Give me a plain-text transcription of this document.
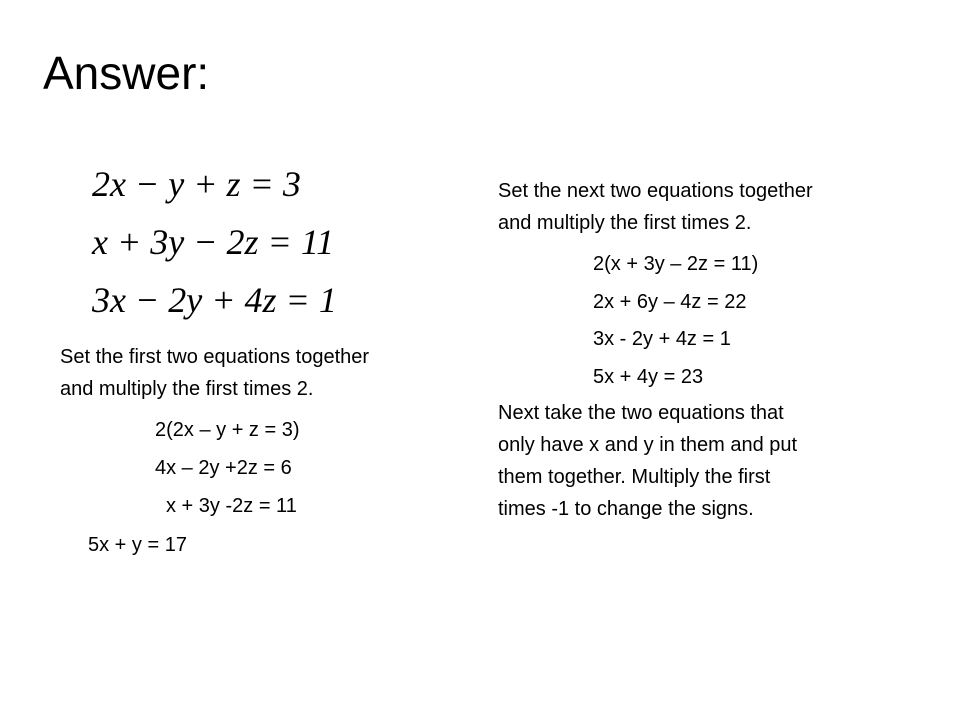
Answer:
2x − y + z = 3
x + 3y − 2z = 11
3x − 2y + 4z = 1
Set the first two equations together
and multiply the first times 2.
2(2x – y + z = 3)
4x – 2y +2z = 6
x + 3y -2z = 11
5x + y = 17
Set the next two equations together
and multiply the first times 2.
2(x + 3y – 2z = 11)
2x + 6y – 4z = 22
3x - 2y + 4z = 1
5x + 4y = 23
Next take the two equations that
only have x and y in them and put
them together. Multiply the first
times -1 to change the signs.
